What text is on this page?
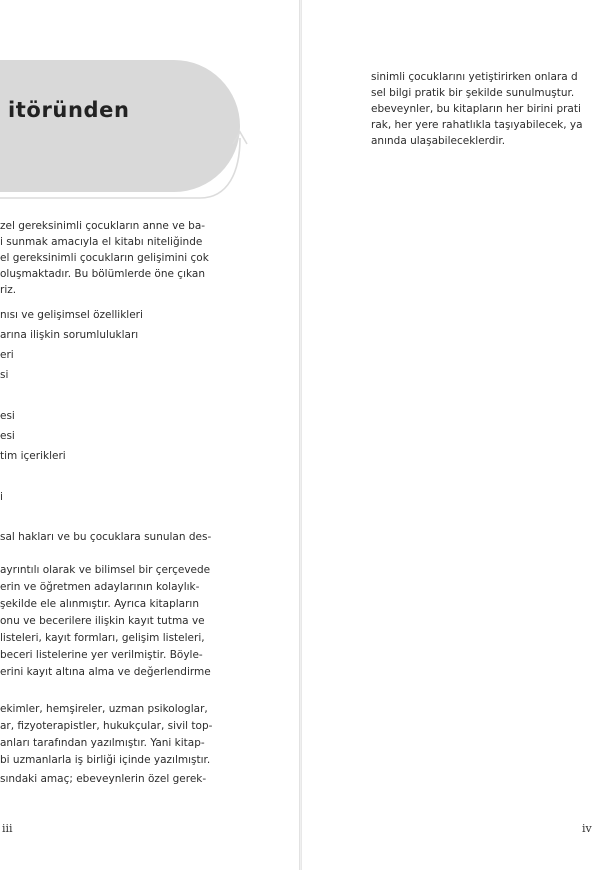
itöründen

zel gereksinimli çocukların anne ve ba-

i sunmak amacıyla el kitabı niteliğinde

el gereksinimli çocukların gelişimini çok

oluşmaktadır. Bu bölümlerde öne çıkan

riz.

nısı ve gelişimsel özellikleri

arına ilişkin sorumlulukları

eri

si

esi

esi

tim içerikleri

i

sal hakları ve bu çocuklara sunulan des-

ayrıntılı olarak ve bilimsel bir çerçevede

erin ve öğretmen adaylarının kolaylık-

şekilde ele alınmıştır. Ayrıca kitapların

onu ve becerilere ilişkin kayıt tutma ve

listeleri, kayıt formları, gelişim listeleri,

beceri listelerine yer verilmiştir. Böyle-

erini kayıt altına alma ve değerlendirme

ekimler, hemşireler, uzman psikologlar,

ar, fizyoterapistler, hukukçular, sivil top-

anları tarafından yazılmıştır. Yani kitap-

bi uzmanlarla iş birliği içinde yazılmıştır.

sındaki amaç; ebeveynlerin özel gerek-

iii

sinimli çocuklarını yetiştirirken onlara d

sel bilgi pratik bir şekilde sunulmuştur.

ebeveynler, bu kitapların her birini prati

rak, her yere rahatlıkla taşıyabilecek, ya

anında ulaşabileceklerdir.

iv
